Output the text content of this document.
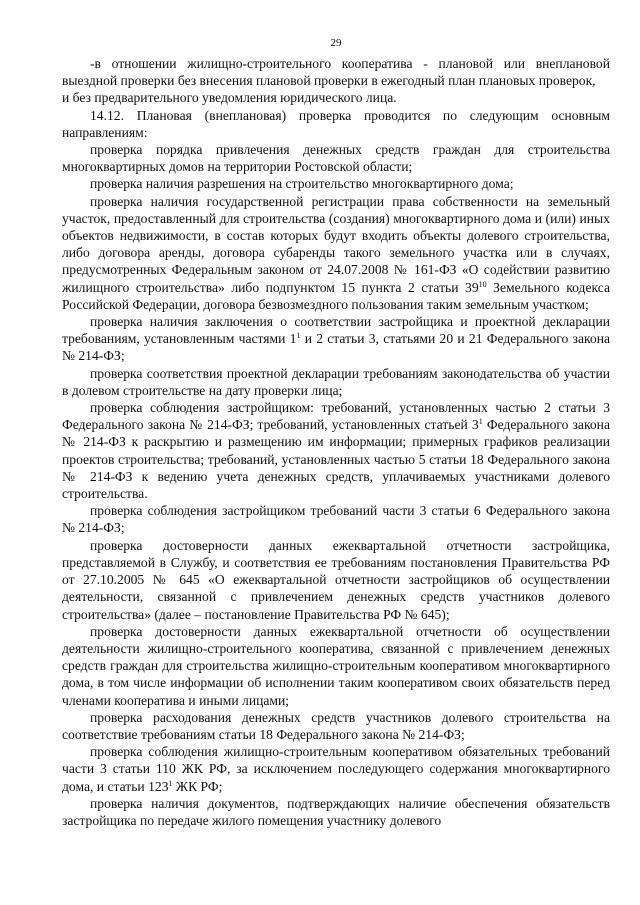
29

-в отношении жилищно-строительного кооператива - плановой или внеплановой выездной проверки без внесения плановой проверки в ежегодный план плановых проверок,

и без предварительного уведомления юридического лица.

14.12. Плановая (внеплановая) проверка проводится по следующим основным направлениям:

проверка порядка привлечения денежных средств граждан для строительства многоквартирных домов на территории Ростовской области;

проверка наличия разрешения на строительство многоквартирного дома;

проверка наличия государственной регистрации права собственности на земельный участок, предоставленный для строительства (создания) многоквартирного дома и (или) иных объектов недвижимости, в состав которых будут входить объекты долевого строительства, либо договора аренды, договора субаренды такого земельного участка или в случаях, предусмотренных Федеральным законом от 24.07.2008 № 161-ФЗ «О содействии развитию жилищного строительства» либо подпунктом 15 пункта 2 статьи $39^{10}$ Земельного кодекса Российской Федерации, договора безвозмездного пользования таким земельным участком;

проверка наличия заключения о соответствии застройщика и проектной декларации требованиям, установленным частями $1^1$ и 2 статьи 3, статьями 20 и 21 Федерального закона № 214-ФЗ;

проверка соответствия проектной декларации требованиям законодательства об участии в долевом строительстве на дату проверки лица;

проверка соблюдения застройщиком: требований, установленных частью 2 статьи 3 Федерального закона № 214-ФЗ; требований, установленных статьей $3^1$ Федерального закона № 214-ФЗ к раскрытию и размещению им информации; примерных графиков реализации проектов строительства; требований, установленных частью 5 статьи 18 Федерального закона № 214-ФЗ к ведению учета денежных средств, уплачиваемых участниками долевого строительства.

проверка соблюдения застройщиком требований части 3 статьи 6 Федерального закона № 214-ФЗ;

проверка достоверности данных ежеквартальной отчетности застройщика, представляемой в Службу, и соответствия ее требованиям постановления Правительства РФ от 27.10.2005 № 645 «О ежеквартальной отчетности застройщиков об осуществлении деятельности, связанной с привлечением денежных средств участников долевого строительства» (далее – постановление Правительства РФ № 645);

проверка достоверности данных ежеквартальной отчетности об осуществлении деятельности жилищно-строительного кооператива, связанной с привлечением денежных средств граждан для строительства жилищно-строительным кооперативом многоквартирного дома, в том числе информации об исполнении таким кооперативом своих обязательств перед членами кооператива и иными лицами;

проверка расходования денежных средств участников долевого строительства на соответствие требованиям статьи 18 Федерального закона № 214-ФЗ;

проверка соблюдения жилищно-строительным кооперативом обязательных требований части 3 статьи 110 ЖК РФ, за исключением последующего содержания многоквартирного дома, и статьи $123^1$ ЖК РФ;

проверка наличия документов, подтверждающих наличие обеспечения обязательств застройщика по передаче жилого помещения участнику долевого
